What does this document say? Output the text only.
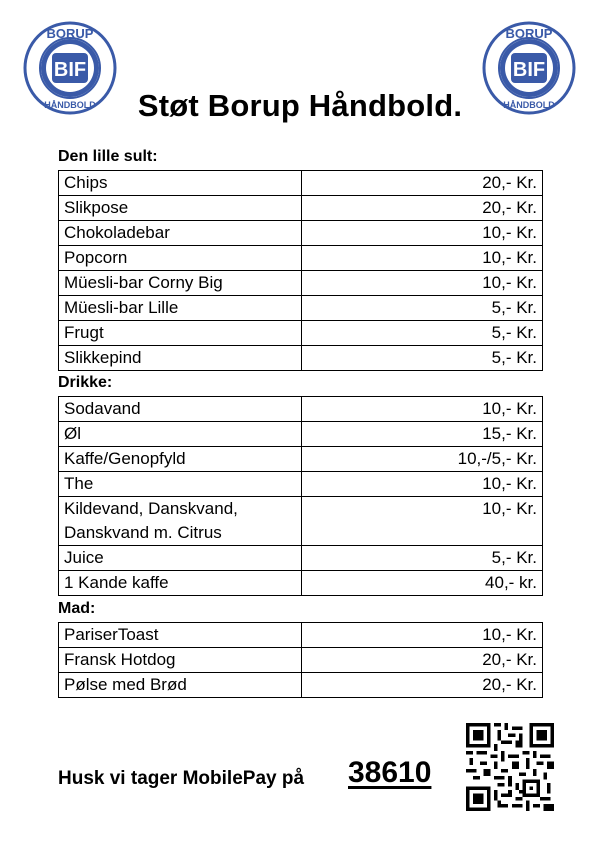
BIF
BORUP
HÅNDBOLD
BIF
BORUP
HÅNDBOLD
Støt Borup Håndbold.
Den lille sult:
Chips	20,- Kr.
Slikpose	20,- Kr.
Chokoladebar	10,- Kr.
Popcorn	10,- Kr.
Müesli-bar Corny Big	10,- Kr.
Müesli-bar Lille	5,- Kr.
Frugt	5,- Kr.
Slikkepind	5,- Kr.
Drikke:
Sodavand	10,- Kr.
Øl	15,- Kr.
Kaffe/Genopfyld	10,-/5,- Kr.
The	10,- Kr.

Kildevand, Danskvand,
Danskvand m. Citrus	10,- Kr.
Juice	5,- Kr.
1 Kande kaffe	40,- kr.
Mad:
PariserToast	10,- Kr.
Fransk Hotdog	20,- Kr.
Pølse med Brød	20,- Kr.
Husk vi tager MobilePay på 38610
